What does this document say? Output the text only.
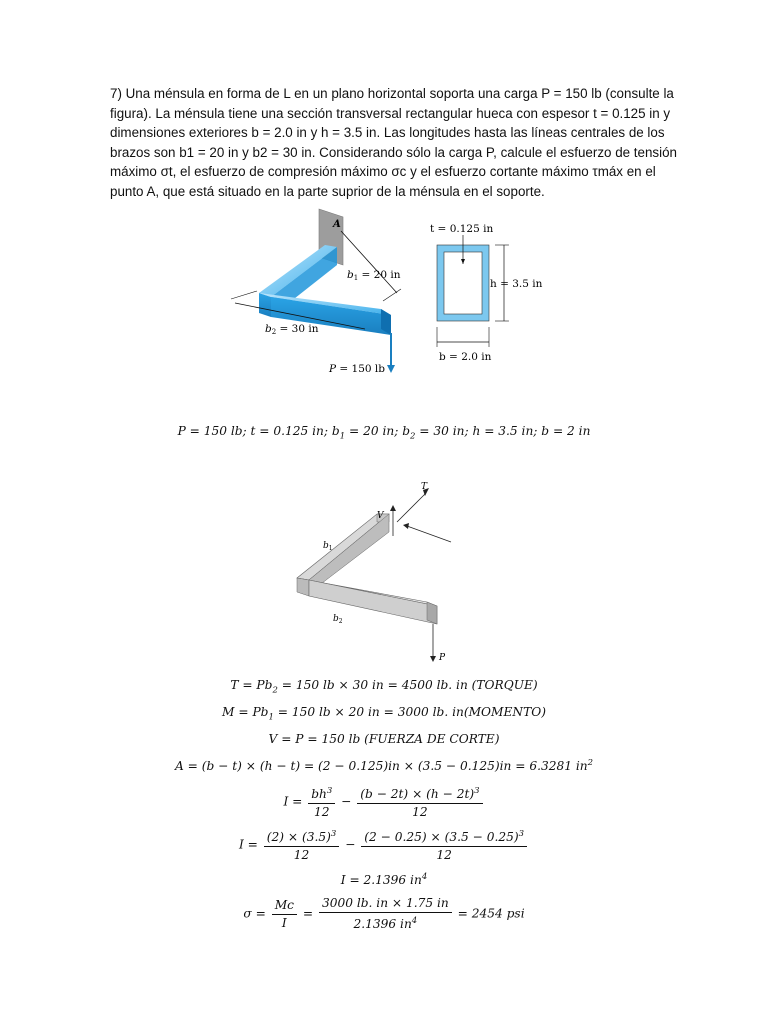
7) Una ménsula en forma de L en un plano horizontal soporta una carga P = 150 lb (consulte la
figura). La ménsula tiene una sección transversal rectangular hueca con espesor t = 0.125 in y
dimensiones exteriores b = 2.0 in y h = 3.5 in. Las longitudes hasta las líneas centrales de los
brazos son b1 = 20 in y b2 = 30 in. Considerando sólo la carga P, calcule el esfuerzo de tensión
máximo σt, el esfuerzo de compresión máximo σc y el esfuerzo cortante máximo τmáx en el
punto A, que está situado en la parte suprior de la ménsula en el soporte.
A
b1 = 20 in
b2 = 30 in
P = 150 lb
t = 0.125 in
h = 3.5 in
b = 2.0 in
P = 150 lb; t = 0.125 in; $b_1 = 20$ in; $b_2 = 30$ in; h = 3.5 in; b = 2 in
T
V
$b_1$
$b_2$
P
$T = Pb_2 = 150$ lb × 30 in = 4500 lb. in (TORQUE)
$M = Pb_1 = 150$ lb × 20 in = 3000 lb. in(MOMENTO)
V = P = 150 lb (FUERZA DE CORTE)
A = (b − t) × (h − t) = (2 − 0.125)in × (3.5 − 0.125)in = 6.3281 $in^2$
$I = \frac{bh^3}{12} - \frac{(b - 2t) \times (h - 2t)^3}{12}$
$I = \frac{(2) \times (3.5)^3}{12} - \frac{(2 - 0.25) \times (3.5 - 0.25)^3}{12}$
I = 2.1396 $in^4$
$\sigma = \frac{Mc}{I} = \frac{3000 lb. in \times 1.75 in}{2.1396 in^4} = 2454$ psi
